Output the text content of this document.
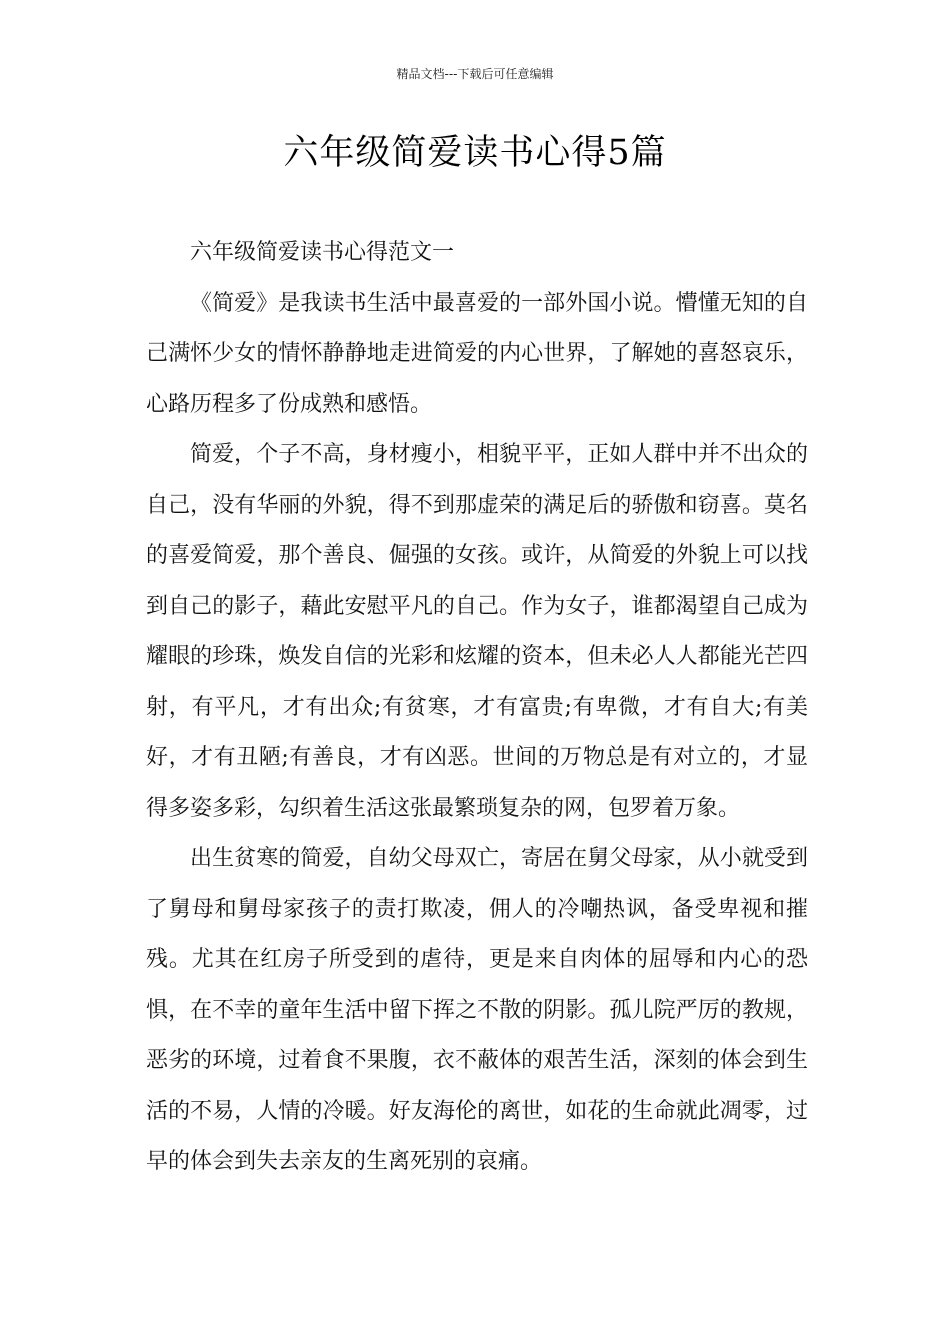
精品文档---下载后可任意编辑
六年级简爱读书心得5篇

六年级简爱读书心得范文一

《简爱》是我读书生活中最喜爱的一部外国小说。懵懂无知的自己满怀少女的情怀静静地走进简爱的内心世界，了解她的喜怒哀乐，心路历程多了份成熟和感悟。

简爱，个子不高，身材瘦小，相貌平平，正如人群中并不出众的自己，没有华丽的外貌，得不到那虚荣的满足后的骄傲和窃喜。莫名的喜爱简爱，那个善良、倔强的女孩。或许，从简爱的外貌上可以找到自己的影子，藉此安慰平凡的自己。作为女子，谁都渴望自己成为耀眼的珍珠，焕发自信的光彩和炫耀的资本，但未必人人都能光芒四射，有平凡，才有出众;有贫寒，才有富贵;有卑微，才有自大;有美好，才有丑陋;有善良，才有凶恶。世间的万物总是有对立的，才显得多姿多彩，勾织着生活这张最繁琐复杂的网，包罗着万象。

出生贫寒的简爱，自幼父母双亡，寄居在舅父母家，从小就受到了舅母和舅母家孩子的责打欺凌，佣人的冷嘲热讽，备受卑视和摧残。尤其在红房子所受到的虐待，更是来自肉体的屈辱和内心的恐惧，在不幸的童年生活中留下挥之不散的阴影。孤儿院严厉的教规，恶劣的环境，过着食不果腹，衣不蔽体的艰苦生活，深刻的体会到生活的不易，人情的冷暖。好友海伦的离世，如花的生命就此凋零，过早的体会到失去亲友的生离死别的哀痛。
